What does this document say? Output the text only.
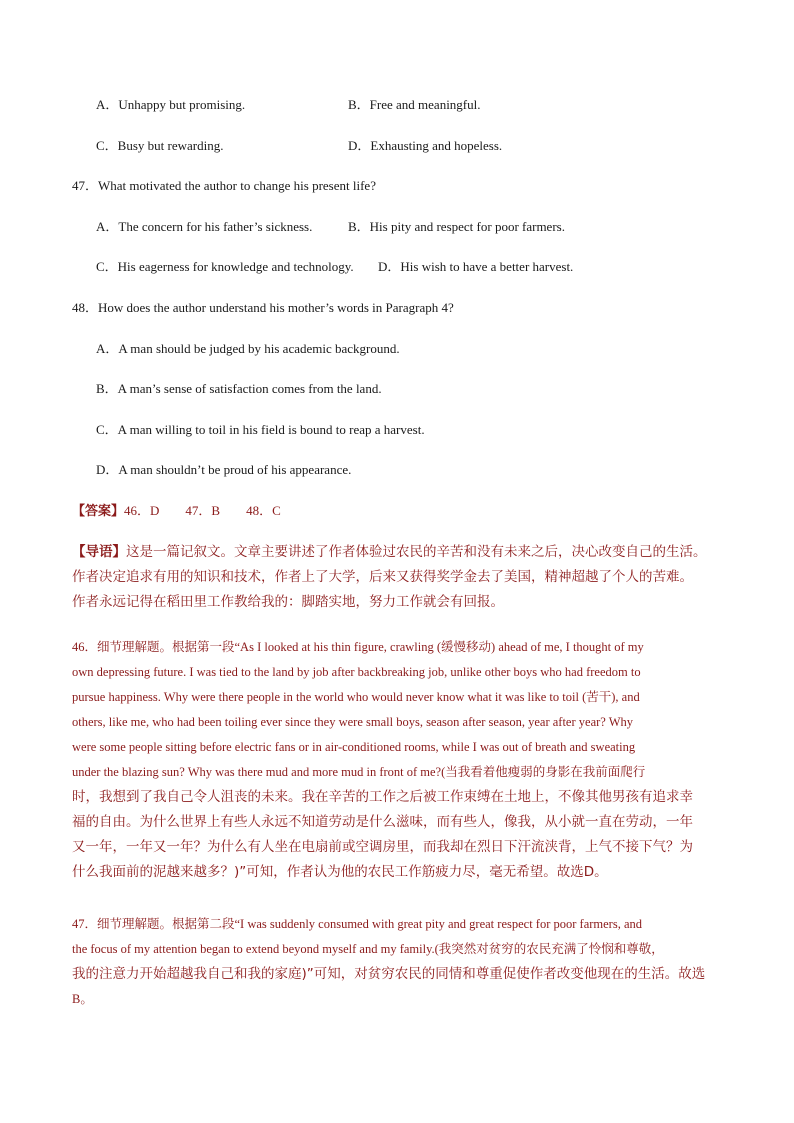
A．Unhappy but promising.	B．Free and meaningful.
C．Busy but rewarding.	D．Exhausting and hopeless.
47．What motivated the author to change his present life?
A．The concern for his father’s sickness.	B．His pity and respect for poor farmers.
C．His eagerness for knowledge and technology. D．His wish to have a better harvest.
48．How does the author understand his mother’s words in Paragraph 4?
A．A man should be judged by his academic background.
B．A man’s sense of satisfaction comes from the land.
C．A man willing to toil in his field is bound to reap a harvest.
D．A man shouldn’t be proud of his appearance.
【答案】46．D　　47．B　　48．C
【导语】这是一篇记叙文。文章主要讲述了作者体验过农民的辛苦和没有未来之后，决心改变自己的生活。
作者决定追求有用的知识和技术，作者上了大学，后来又获得奖学金去了美国，精神超越了个人的苦难。
作者永远记得在稻田里工作教给我的：脚踏实地，努力工作就会有回报。
46．细节理解题。根据第一段“As I looked at his thin figure, crawling (缓慢移动) ahead of me, I thought of my
own depressing future. I was tied to the land by job after backbreaking job, unlike other boys who had freedom to
pursue happiness. Why were there people in the world who would never know what it was like to toil (苦干), and
others, like me, who had been toiling ever since they were small boys, season after season, year after year? Why
were some people sitting before electric fans or in air-conditioned rooms, while I was out of breath and sweating
under the blazing sun? Why was there mud and more mud in front of me?(当我看着他瘦弱的身影在我前面爬行
时，我想到了我自己令人沮丧的未来。我在辛苦的工作之后被工作束缚在土地上，不像其他男孩有追求幸
福的自由。为什么世界上有些人永远不知道劳动是什么滋味，而有些人，像我，从小就一直在劳动，一年
又一年，一年又一年？为什么有人坐在电扇前或空调房里，而我却在烈日下汗流浃背，上气不接下气？为
什么我面前的泥越来越多？)”可知，作者认为他的农民工作筋疲力尽，毫无希望。故选D。
47．细节理解题。根据第二段“I was suddenly consumed with great pity and great respect for poor farmers, and
the focus of my attention began to extend beyond myself and my family.(我突然对贫穷的农民充满了怜悯和尊敬，
我的注意力开始超越我自己和我的家庭)”可知，对贫穷农民的同情和尊重促使作者改变他现在的生活。故选
B。
